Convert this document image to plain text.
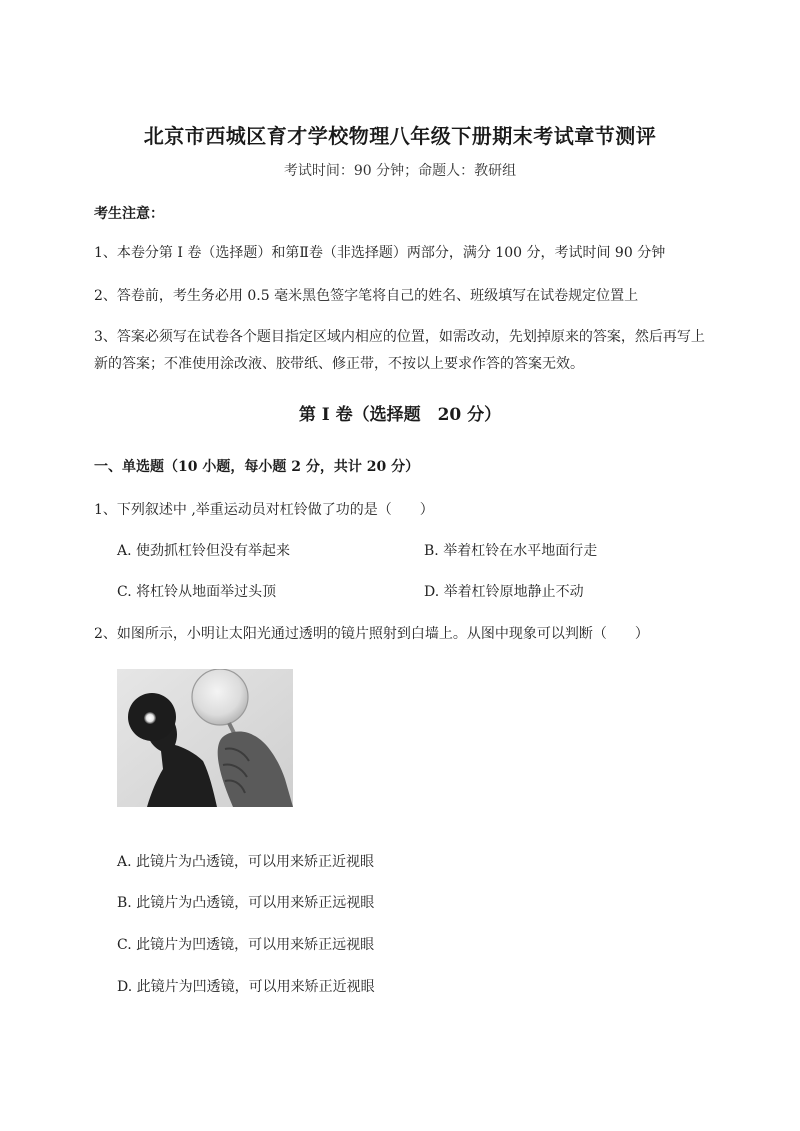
北京市西城区育才学校物理八年级下册期末考试章节测评
考试时间：90 分钟；命题人：教研组
考生注意：
1、本卷分第 I 卷（选择题）和第Ⅱ卷（非选择题）两部分，满分 100 分，考试时间 90 分钟
2、答卷前，考生务必用 0.5 毫米黑色签字笔将自己的姓名、班级填写在试卷规定位置上
3、答案必须写在试卷各个题目指定区域内相应的位置，如需改动，先划掉原来的答案，然后再写上新的答案；不准使用涂改液、胶带纸、修正带，不按以上要求作答的答案无效。
第 I 卷（选择题　20 分）
一、单选题（10 小题，每小题 2 分，共计 20 分）
1、下列叙述中 ,举重运动员对杠铃做了功的是（　　）
A. 使劲抓杠铃但没有举起来	B. 举着杠铃在水平地面行走
C. 将杠铃从地面举过头顶	D. 举着杠铃原地静止不动
2、如图所示，小明让太阳光通过透明的镜片照射到白墙上。从图中现象可以判断（　　）
A. 此镜片为凸透镜，可以用来矫正近视眼
B. 此镜片为凸透镜，可以用来矫正远视眼
C. 此镜片为凹透镜，可以用来矫正远视眼
D. 此镜片为凹透镜，可以用来矫正近视眼
